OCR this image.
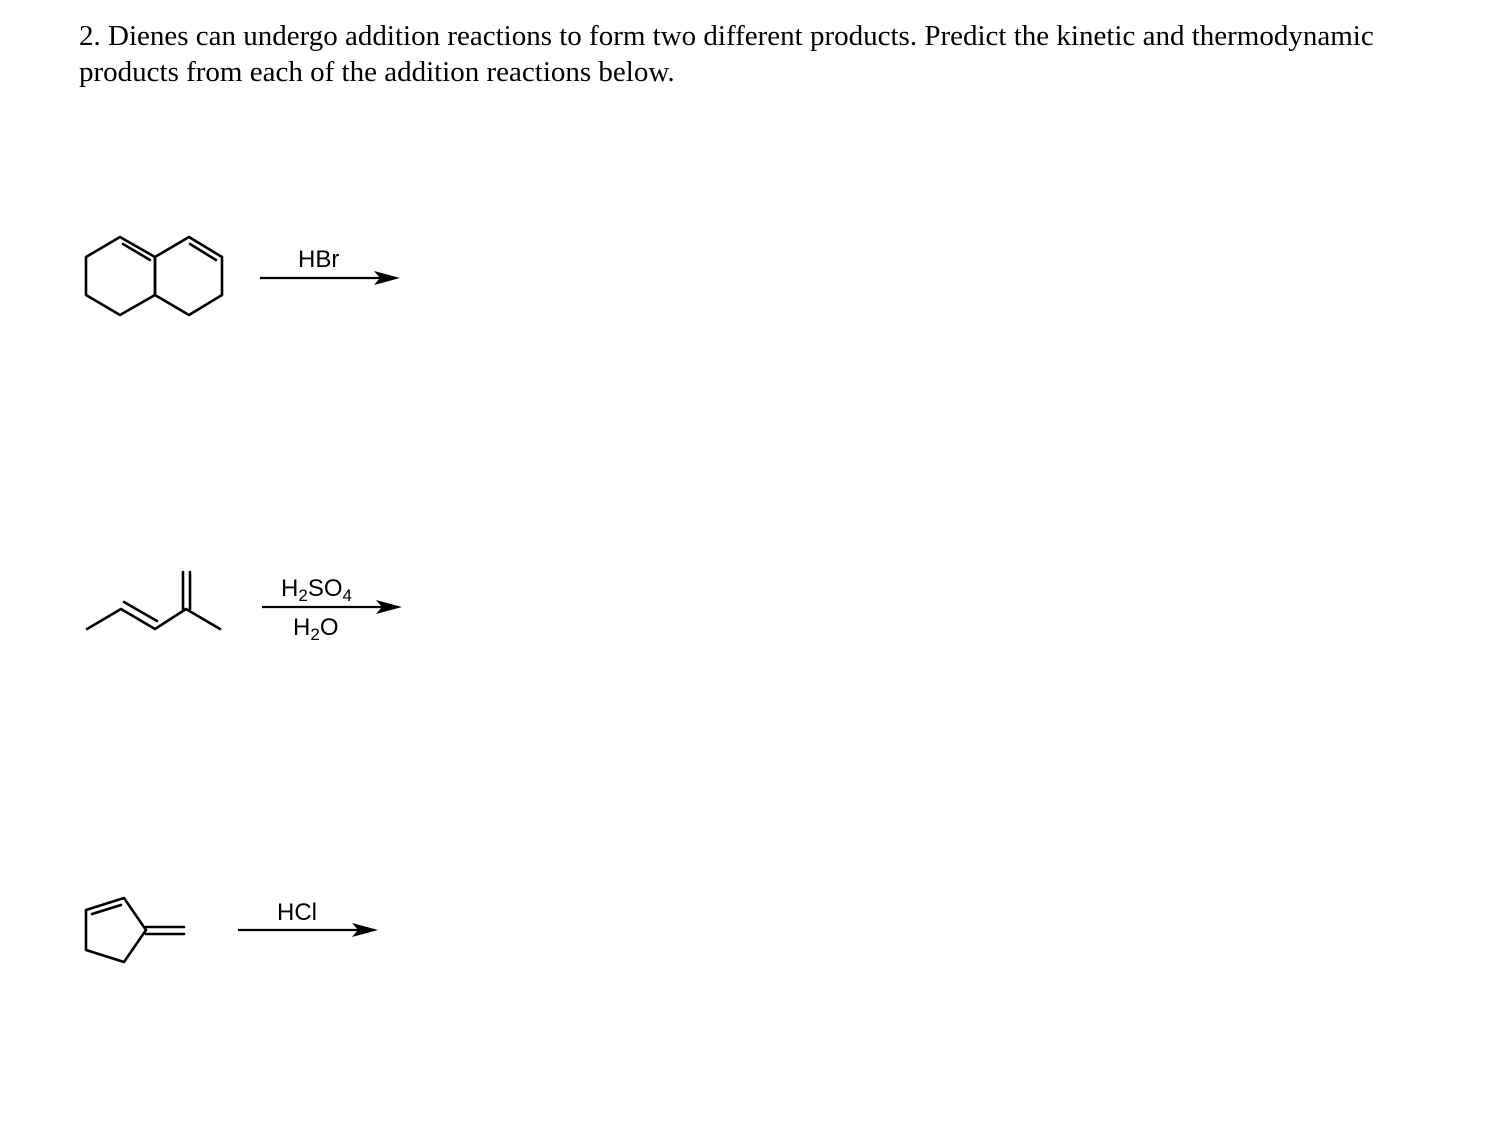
2. Dienes can undergo addition reactions to form two different products. Predict the kinetic and thermodynamic products from each of the addition reactions below.

HBr
$H_2SO_4$
$H_2O$
HCl
